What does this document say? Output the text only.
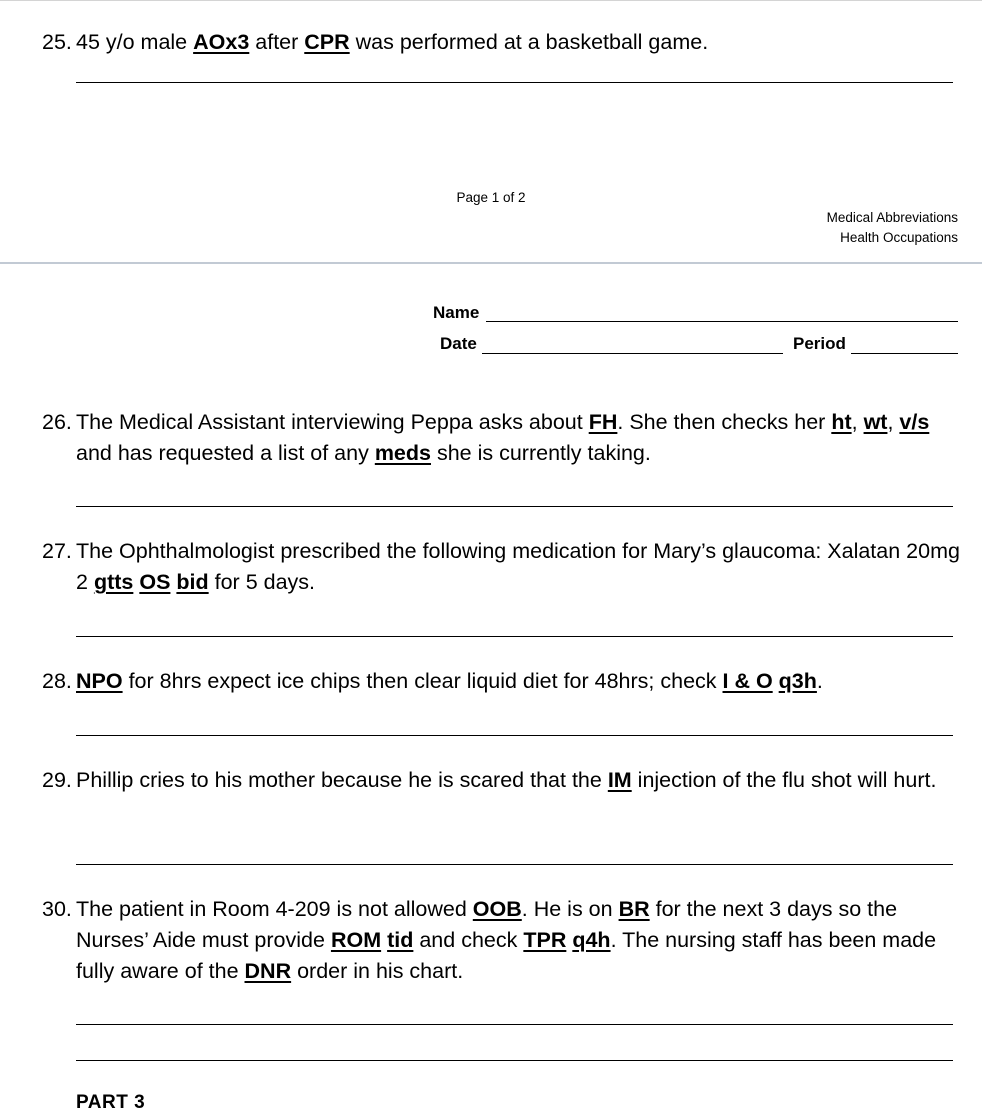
25. 45 y/o male AOx3 after CPR was performed at a basketball game.
Page 1 of 2
Medical Abbreviations
Health Occupations
Name
Date	Period
26. The Medical Assistant interviewing Peppa asks about FH. She then checks her ht, wt, v/s and has requested a list of any meds she is currently taking.
27. The Ophthalmologist prescribed the following medication for Mary’s glaucoma: Xalatan 20mg 2 gtts OS bid for 5 days.
28. NPO for 8hrs expect ice chips then clear liquid diet for 48hrs; check I & O q3h.
29. Phillip cries to his mother because he is scared that the IM injection of the flu shot will hurt.
30. The patient in Room 4-209 is not allowed OOB. He is on BR for the next 3 days so the Nurses’ Aide must provide ROM tid and check TPR q4h. The nursing staff has been made fully aware of the DNR order in his chart.
PART 3
